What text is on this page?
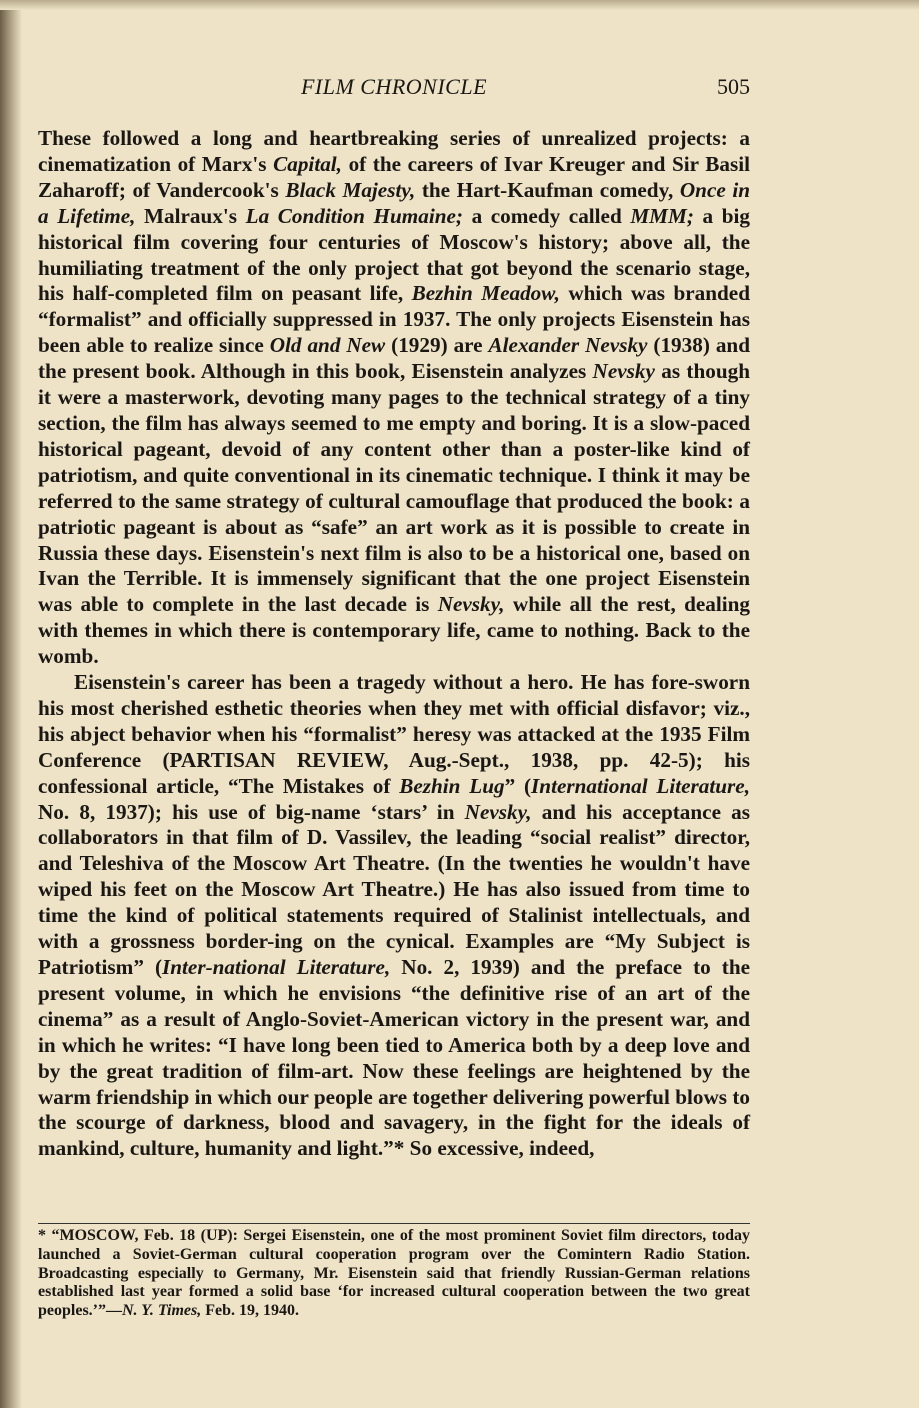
FILM CHRONICLE	505

These followed a long and heartbreaking series of unrealized projects: a cinematization of Marx's Capital, of the careers of Ivar Kreuger and Sir Basil Zaharoff; of Vandercook's Black Majesty, the Hart-Kaufman comedy, Once in a Lifetime, Malraux's La Condition Humaine; a comedy called MMM; a big historical film covering four centuries of Moscow's history; above all, the humiliating treatment of the only project that got beyond the scenario stage, his half-completed film on peasant life, Bezhin Meadow, which was branded “formalist” and officially suppressed in 1937. The only projects Eisenstein has been able to realize since Old and New (1929) are Alexander Nevsky (1938) and the present book. Although in this book, Eisenstein analyzes Nevsky as though it were a masterwork, devoting many pages to the technical strategy of a tiny section, the film has always seemed to me empty and boring. It is a slow-paced historical pageant, devoid of any content other than a poster-like kind of patriotism, and quite conventional in its cinematic technique. I think it may be referred to the same strategy of cultural camouflage that produced the book: a patriotic pageant is about as “safe” an art work as it is possible to create in Russia these days. Eisenstein's next film is also to be a historical one, based on Ivan the Terrible. It is immensely significant that the one project Eisenstein was able to complete in the last decade is Nevsky, while all the rest, dealing with themes in which there is contemporary life, came to nothing. Back to the womb.

Eisenstein's career has been a tragedy without a hero. He has fore-sworn his most cherished esthetic theories when they met with official disfavor; viz., his abject behavior when his “formalist” heresy was attacked at the 1935 Film Conference (PARTISAN REVIEW, Aug.-Sept., 1938, pp. 42-5); his confessional article, “The Mistakes of Bezhin Lug” (International Literature, No. 8, 1937); his use of big-name ‘stars’ in Nevsky, and his acceptance as collaborators in that film of D. Vassilev, the leading “social realist” director, and Teleshiva of the Moscow Art Theatre. (In the twenties he wouldn't have wiped his feet on the Moscow Art Theatre.) He has also issued from time to time the kind of political statements required of Stalinist intellectuals, and with a grossness border-ing on the cynical. Examples are “My Subject is Patriotism” (Inter-national Literature, No. 2, 1939) and the preface to the present volume, in which he envisions “the definitive rise of an art of the cinema” as a result of Anglo-Soviet-American victory in the present war, and in which he writes: “I have long been tied to America both by a deep love and by the great tradition of film-art. Now these feelings are heightened by the warm friendship in which our people are together delivering powerful blows to the scourge of darkness, blood and savagery, in the fight for the ideals of mankind, culture, humanity and light.”* So excessive, indeed,

* “MOSCOW, Feb. 18 (UP): Sergei Eisenstein, one of the most prominent Soviet film directors, today launched a Soviet-German cultural cooperation program over the Comintern Radio Station. Broadcasting especially to Germany, Mr. Eisenstein said that friendly Russian-German relations established last year formed a solid base ‘for increased cultural cooperation between the two great peoples.’”—N. Y. Times, Feb. 19, 1940.
